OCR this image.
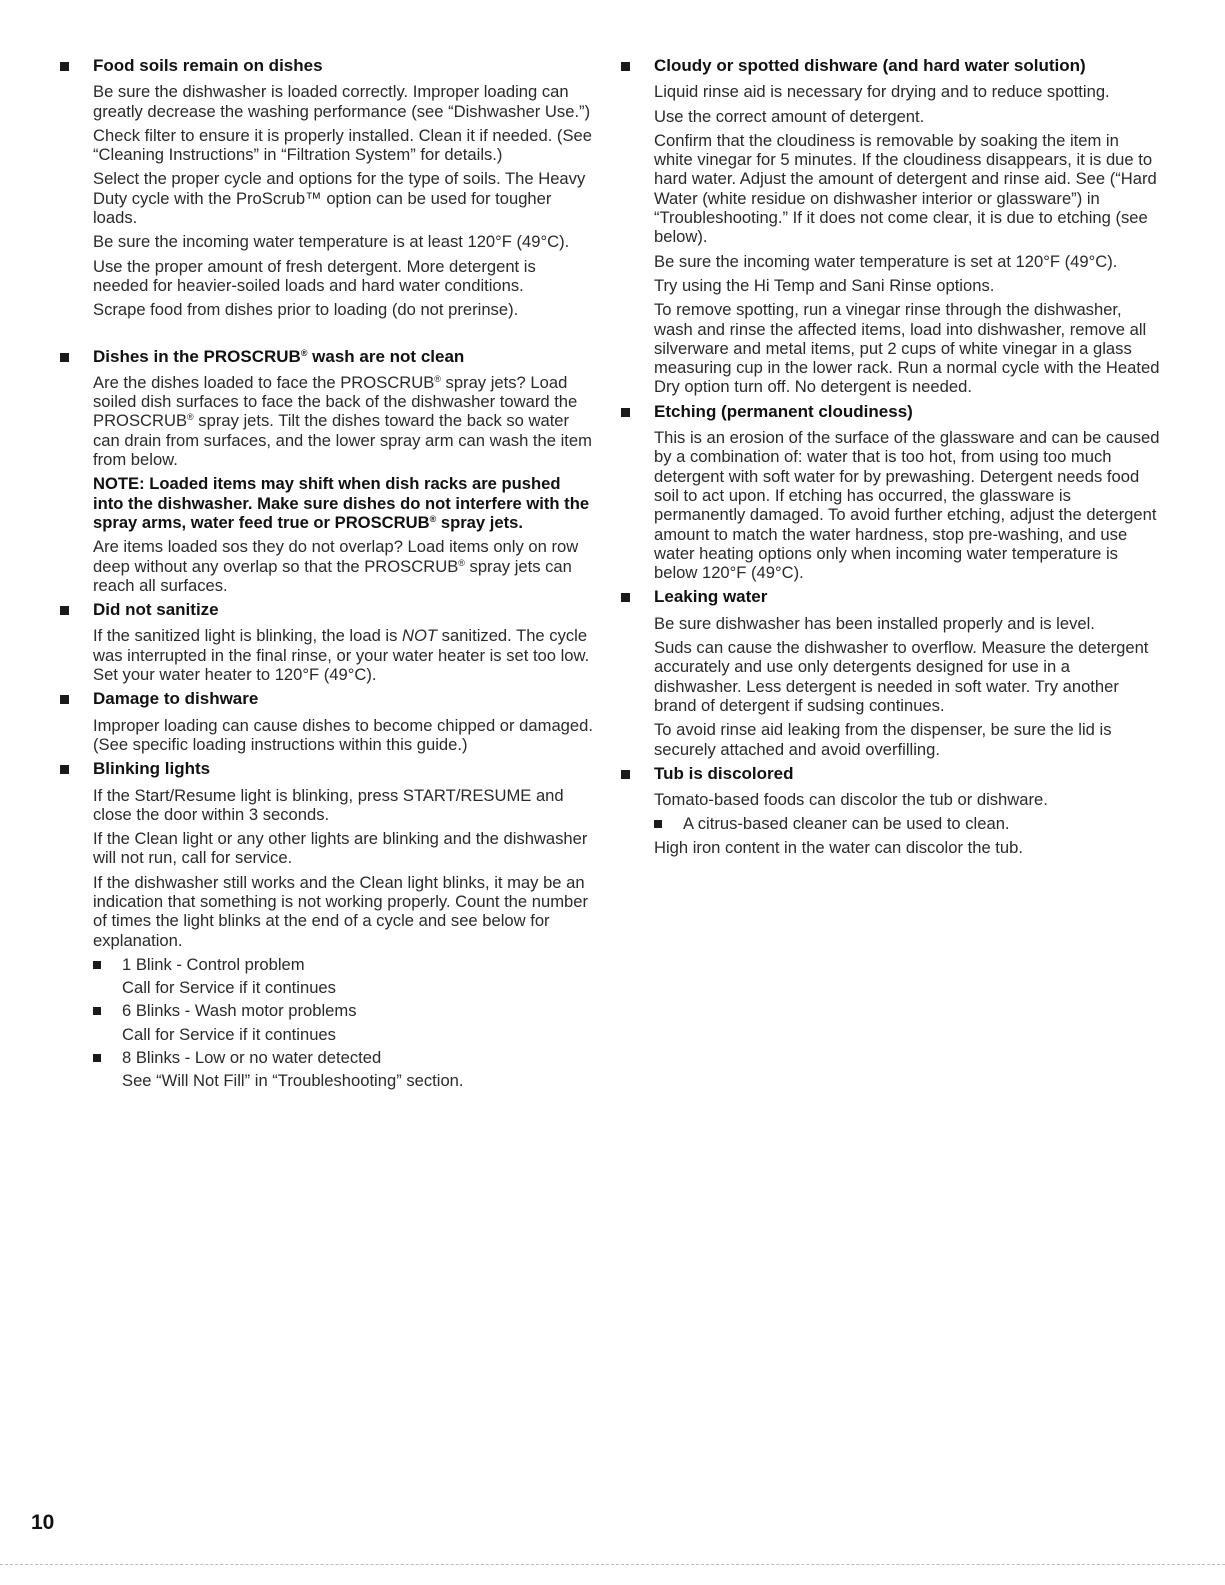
Food soils remain on dishes

Be sure the dishwasher is loaded correctly. Improper loading can greatly decrease the washing performance (see “Dishwasher Use.”)

Check filter to ensure it is properly installed. Clean it if needed. (See “Cleaning Instructions” in “Filtration System” for details.)

Select the proper cycle and options for the type of soils. The Heavy Duty cycle with the ProScrub™ option can be used for tougher loads.

Be sure the incoming water temperature is at least 120°F (49°C).

Use the proper amount of fresh detergent. More detergent is needed for heavier-soiled loads and hard water conditions.

Scrape food from dishes prior to loading (do not prerinse).

Dishes in the PROSCRUB® wash are not clean

Are the dishes loaded to face the PROSCRUB® spray jets? Load soiled dish surfaces to face the back of the dishwasher toward the PROSCRUB® spray jets. Tilt the dishes toward the back so water can drain from surfaces, and the lower spray arm can wash the item from below.

NOTE: Loaded items may shift when dish racks are pushed into the dishwasher. Make sure dishes do not interfere with the spray arms, water feed true or PROSCRUB® spray jets.

Are items loaded sos they do not overlap? Load items only on row deep without any overlap so that the PROSCRUB® spray jets can reach all surfaces.

Did not sanitize

If the sanitized light is blinking, the load is NOT sanitized. The cycle was interrupted in the final rinse, or your water heater is set too low. Set your water heater to 120°F (49°C).

Damage to dishware

Improper loading can cause dishes to become chipped or damaged. (See specific loading instructions within this guide.)

Blinking lights

If the Start/Resume light is blinking, press START/RESUME and close the door within 3 seconds.

If the Clean light or any other lights are blinking and the dishwasher will not run, call for service.

If the dishwasher still works and the Clean light blinks, it may be an indication that something is not working properly. Count the number of times the light blinks at the end of a cycle and see below for explanation.

1 Blink - Control problem

Call for Service if it continues

6 Blinks - Wash motor problems

Call for Service if it continues

8 Blinks - Low or no water detected

See “Will Not Fill” in “Troubleshooting” section.

Cloudy or spotted dishware (and hard water solution)

Liquid rinse aid is necessary for drying and to reduce spotting.

Use the correct amount of detergent.

Confirm that the cloudiness is removable by soaking the item in white vinegar for 5 minutes. If the cloudiness disappears, it is due to hard water. Adjust the amount of detergent and rinse aid. See (“Hard Water (white residue on dishwasher interior or glassware”) in “Troubleshooting.” If it does not come clear, it is due to etching (see below).

Be sure the incoming water temperature is set at 120°F (49°C).

Try using the Hi Temp and Sani Rinse options.

To remove spotting, run a vinegar rinse through the dishwasher, wash and rinse the affected items, load into dishwasher, remove all silverware and metal items, put 2 cups of white vinegar in a glass measuring cup in the lower rack. Run a normal cycle with the Heated Dry option turn off. No detergent is needed.

Etching (permanent cloudiness)

This is an erosion of the surface of the glassware and can be caused by a combination of: water that is too hot, from using too much detergent with soft water for by prewashing. Detergent needs food soil to act upon. If etching has occurred, the glassware is permanently damaged. To avoid further etching, adjust the detergent amount to match the water hardness, stop pre-washing, and use water heating options only when incoming water temperature is below 120°F (49°C).

Leaking water

Be sure dishwasher has been installed properly and is level.

Suds can cause the dishwasher to overflow. Measure the detergent accurately and use only detergents designed for use in a dishwasher. Less detergent is needed in soft water. Try another brand of detergent if sudsing continues.

To avoid rinse aid leaking from the dispenser, be sure the lid is securely attached and avoid overfilling.

Tub is discolored

Tomato-based foods can discolor the tub or dishware.

A citrus-based cleaner can be used to clean.

High iron content in the water can discolor the tub.

10
